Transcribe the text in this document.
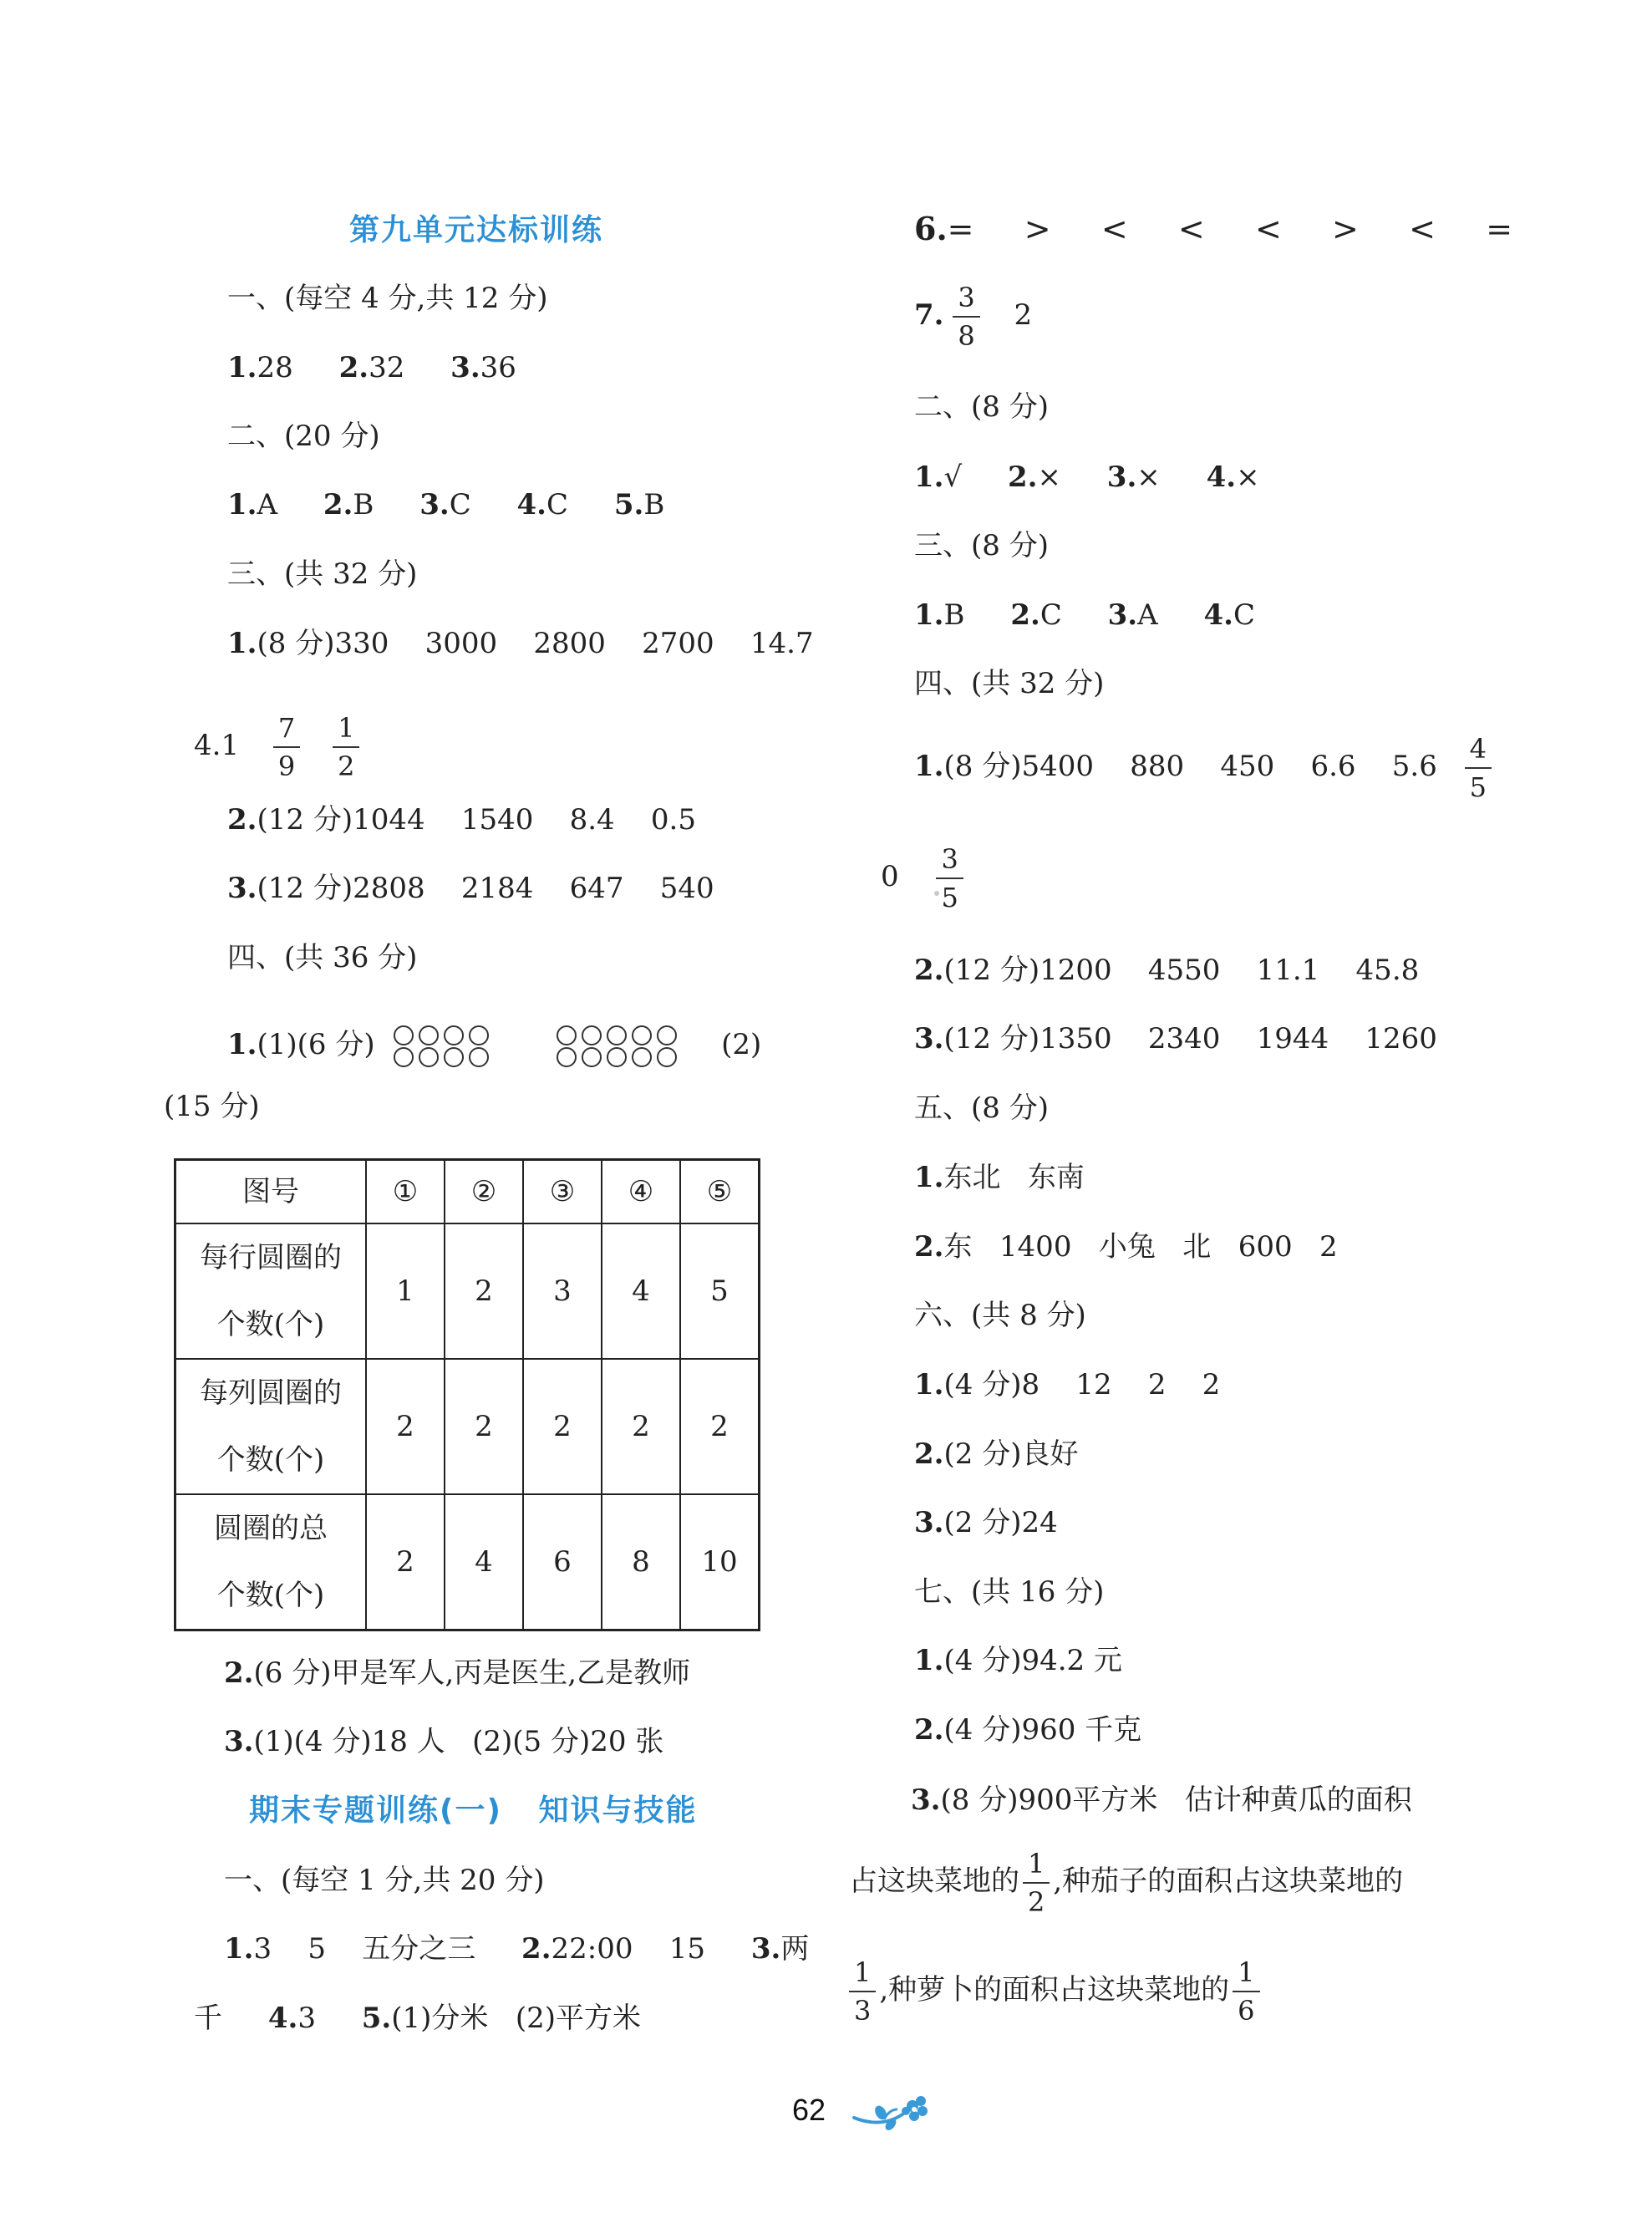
第九单元达标训练
一、(每空 4 分,共 12 分)
1.28 2.32 3.36
二、(20 分)
1.A 2.B 3.C 4.C 5.B
三、(共 32 分)
1.(8 分)330    3000    2800    2700    14.7
$4.1 \frac{7}{9}$
$\frac{1}{2}$
2.(12 分)1044    1540    8.4    0.5
3.(12 分)2808    2184    647    540
四、(共 36 分)
1.(1)(6 分)
	(2)
(15 分)
图号	①	②	③	④	⑤

每行圆圈的
个数(个)	1	2	3	4	5

每列圆圈的
个数(个)	2	2	2	2	2

圆圈的总
个数(个)	2	4	6	8	10
2.(6 分)甲是军人,丙是医生,乙是教师
3.(1)(4 分)18 人   (2)(5 分)20 张
期末专题训练(一)   知识与技能
一、(每空 1 分,共 20 分)
1.3    5    五分之三 2.22:00    15 3.两
千 4.3 5.(1)分米   (2)平方米
6.=   >   <   <   <   >   <   =
7. $\frac{3}{8} 2$
二、(8 分)
1.√ 2.× 3.× 4.×
三、(8 分)
1.B 2.C 3.A 4.C
四、(共 32 分)
1.(8 分)5400    880    450    6.6    $5.6 \frac{4}{5}$
$0 \frac{3}{5}$
2.(12 分)1200    4550    11.1    45.8
3.(12 分)1350    2340    1944    1260
五、(8 分)
1.东北   东南
2.东   1400   小兔   北   600   2
六、(共 8 分)
1.(4 分)8    12    2    2
2.(2 分)良好
3.(2 分)24
七、(共 16 分)
1.(4 分)94.2 元
2.(4 分)960 千克
3.(8 分)900平方米   估计种黄瓜的面积
占这块菜地的 $\frac{1}{2}$ ,种茄子的面积占这块菜地的
$\frac{1}{3}$ ,种萝卜的面积占这块菜地的 $\frac{1}{6}$
62
